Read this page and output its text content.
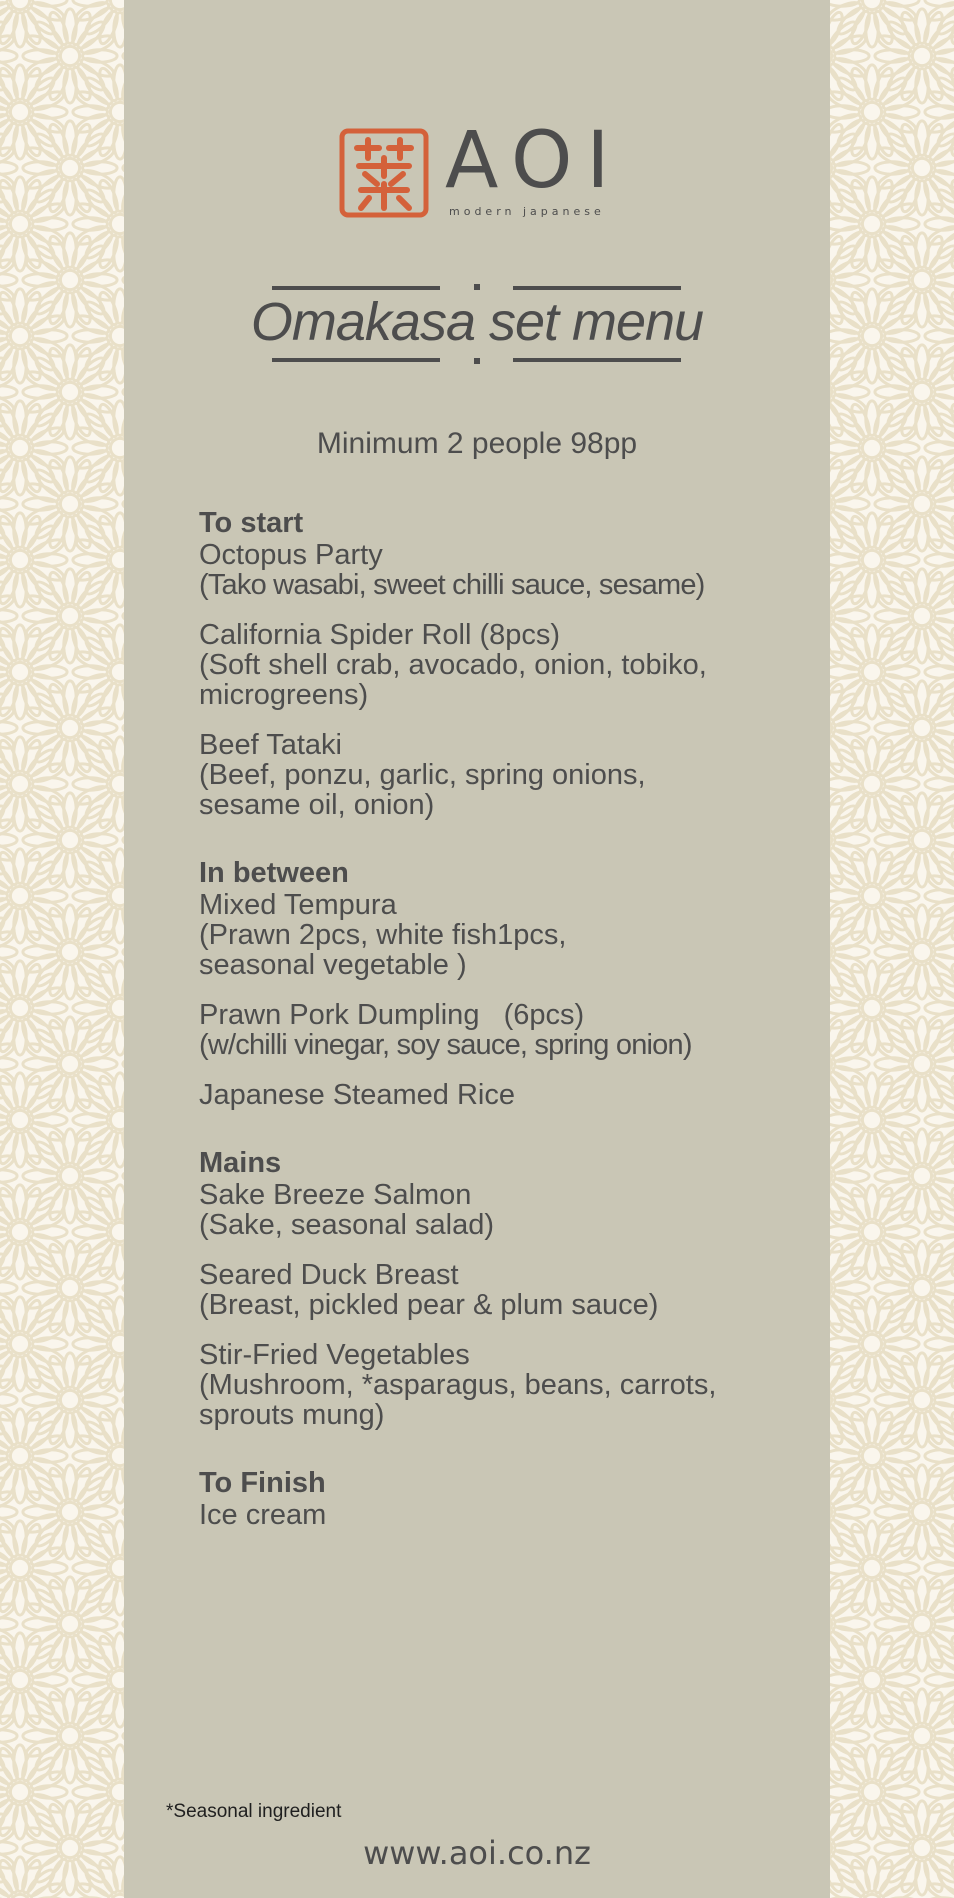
AOI
modern japanese
Omakasa set menu
Minimum 2 people 98pp
To start
Octopus Party
(Tako wasabi, sweet chilli sauce, sesame)
California Spider Roll (8pcs)
(Soft shell crab, avocado, onion, tobiko,
microgreens)
Beef Tataki
(Beef, ponzu, garlic, spring onions,
sesame oil, onion)
In between
Mixed Tempura
(Prawn 2pcs, white fish1pcs,
seasonal vegetable )
Prawn Pork Dumpling   (6pcs)
(w/chilli vinegar, soy sauce, spring onion)
Japanese Steamed Rice
Mains
Sake Breeze Salmon
(Sake, seasonal salad)
Seared Duck Breast
(Breast, pickled pear & plum sauce)
Stir-Fried Vegetables
(Mushroom, *asparagus, beans, carrots,
sprouts mung)
To Finish
Ice cream
*Seasonal ingredient
www.aoi.co.nz
